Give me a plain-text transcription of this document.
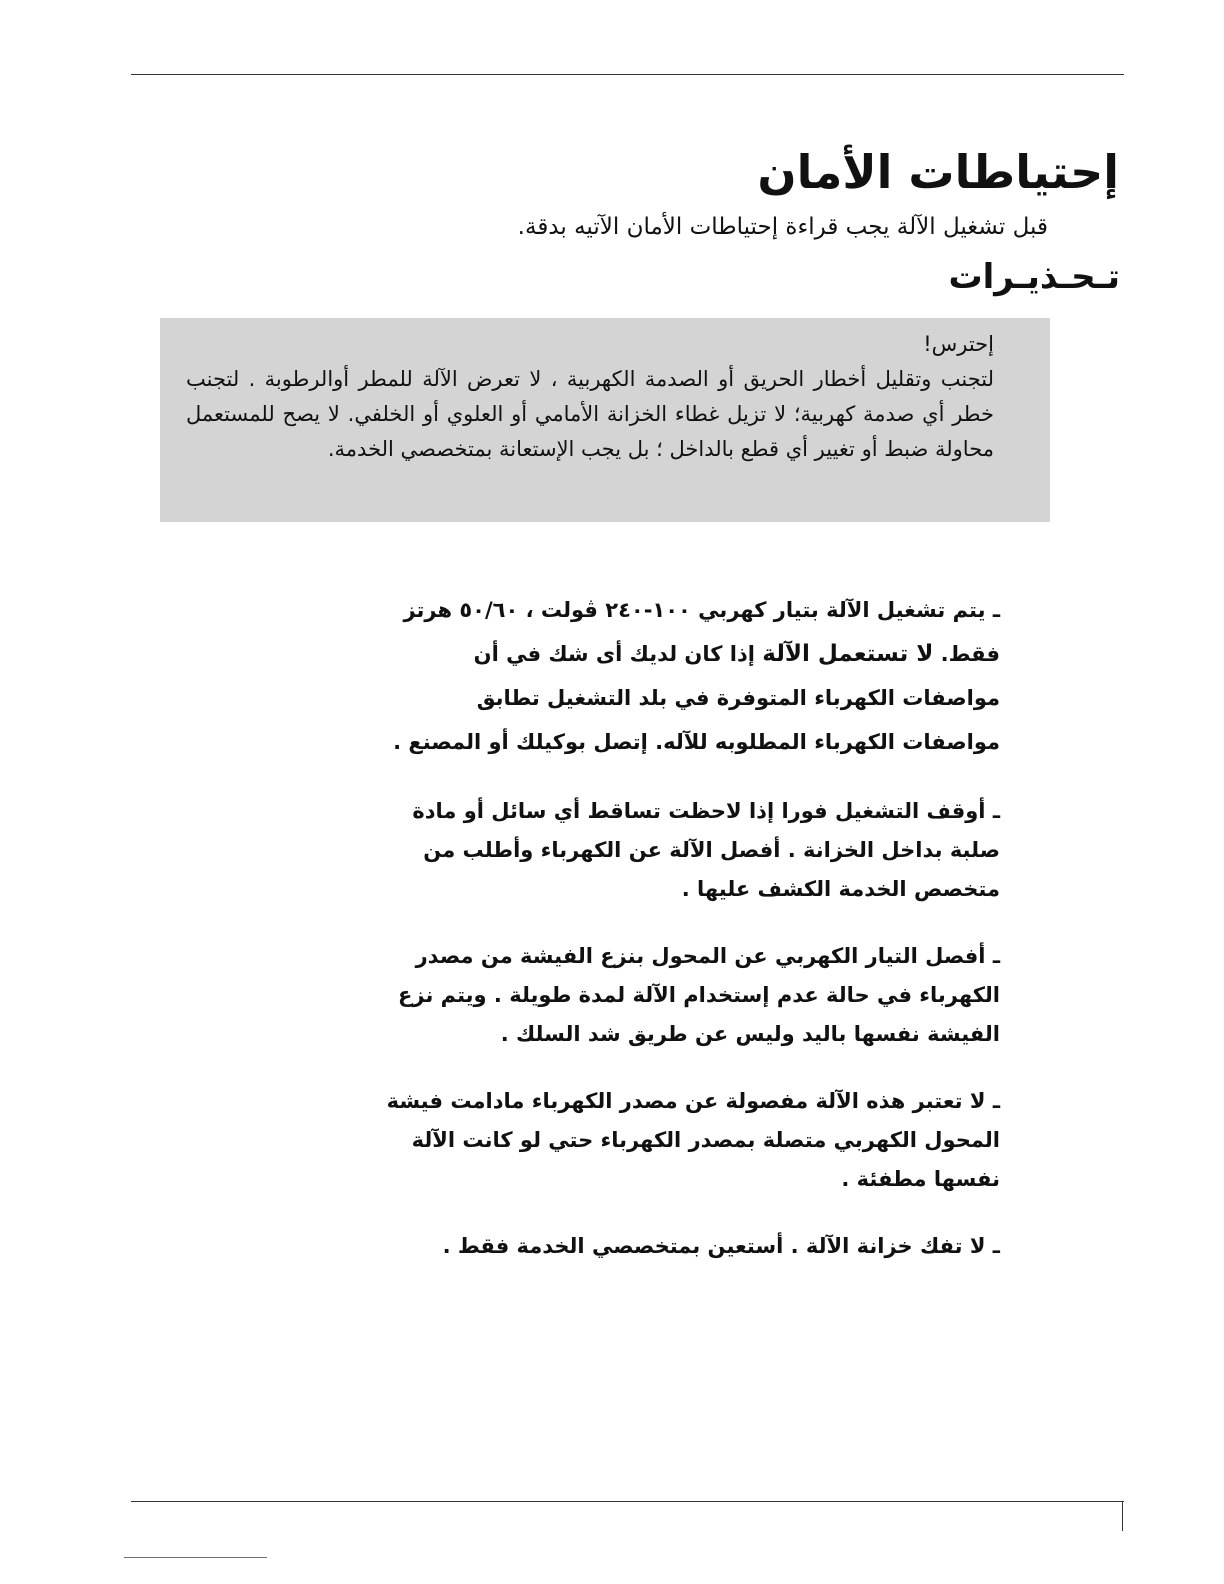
إحتياطات الأمان

قبل تشغيل الآلة يجب قراءة إحتياطات الأمان الآتيه بدقة.

تـحـذيـرات

إحترس!

لتجنب وتقليل أخطار الحريق أو الصدمة الكهربية ، لا تعرض الآلة للمطر أوالرطوبة . لتجنب خطر أي صدمة كهربية؛ لا تزيل غطاء الخزانة الأمامي أو العلوي أو الخلفي. لا يصح للمستعمل محاولة ضبط أو تغيير أي قطع بالداخل ؛ بل يجب الإستعانة بمتخصصي الخدمة.

ـ يتم تشغيل الآلة بتيار كهربي ١٠٠-٢٤٠ ڤولت ، ٥٠/٦٠ هرتز فقط. لا تستعمل الآلة إذا كان لديك أى شك في أن مواصفات الكهرباء المتوفرة في بلد التشغيل تطابق مواصفات الكهرباء المطلوبه للآله. إتصل بوكيلك أو المصنع .
ـ أوقف التشغيل فورا إذا لاحظت تساقط أي سائل أو مادة صلبة بداخل الخزانة . أفصل الآلة عن الكهرباء وأطلب من متخصص الخدمة الكشف عليها .
ـ أفصل التيار الكهربي عن المحول بنزع الفيشة من مصدر الكهرباء في حالة عدم إستخدام الآلة لمدة طويلة . ويتم نزع الفيشة نفسها باليد وليس عن طريق شد السلك .
ـ لا تعتبر هذه الآلة مفصولة عن مصدر الكهرباء مادامت فيشة المحول الكهربي متصلة بمصدر الكهرباء حتي لو كانت الآلة نفسها مطفئة .
ـ لا تفك خزانة الآلة . أستعين بمتخصصي الخدمة فقط .
